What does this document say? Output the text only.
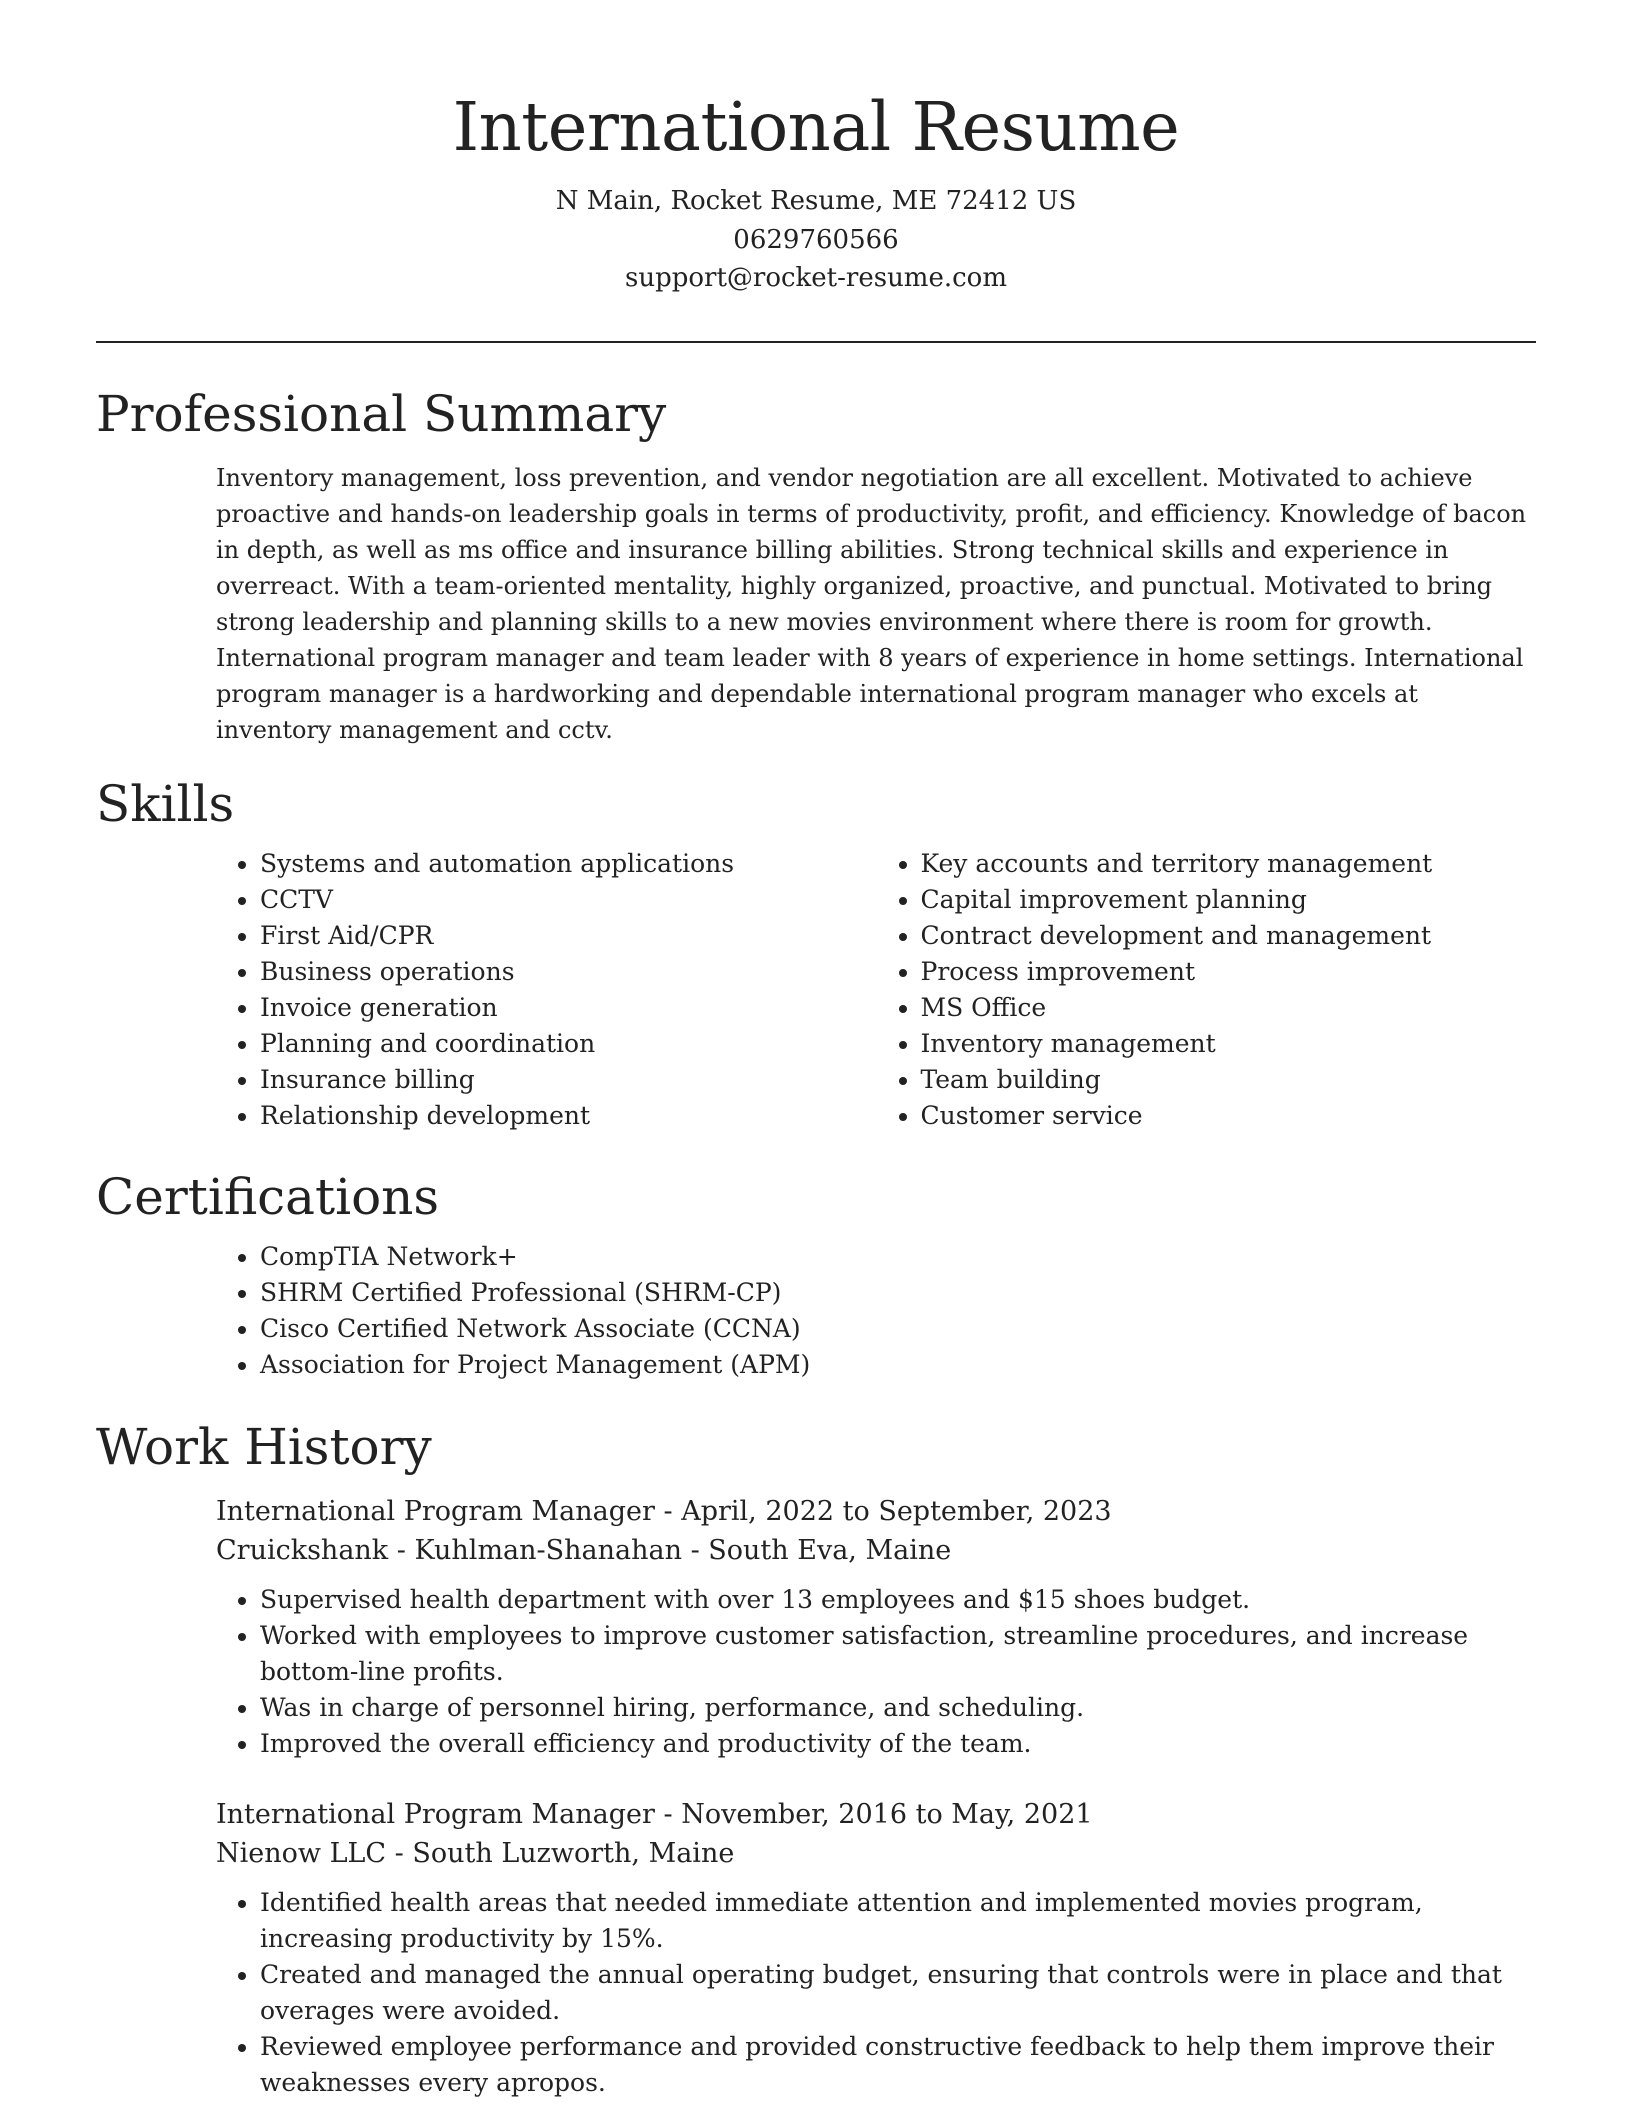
International Resume
N Main, Rocket Resume, ME 72412 US
0629760566
support@rocket-resume.com
Professional Summary
Inventory management, loss prevention, and vendor negotiation are all excellent. Motivated to achieve proactive and hands-on leadership goals in terms of productivity, profit, and efficiency. Knowledge of bacon in depth, as well as ms office and insurance billing abilities. Strong technical skills and experience in overreact. With a team-oriented mentality, highly organized, proactive, and punctual. Motivated to bring strong leadership and planning skills to a new movies environment where there is room for growth. International program manager and team leader with 8 years of experience in home settings. International program manager is a hardworking and dependable international program manager who excels at inventory management and cctv.
Skills
• Systems and automation applications
• CCTV
• First Aid/CPR
• Business operations
• Invoice generation
• Planning and coordination
• Insurance billing
• Relationship development
• Key accounts and territory management
• Capital improvement planning
• Contract development and management
• Process improvement
• MS Office
• Inventory management
• Team building
• Customer service
Certifications
• CompTIA Network+
• SHRM Certified Professional (SHRM-CP)
• Cisco Certified Network Associate (CCNA)
• Association for Project Management (APM)
Work History
International Program Manager - April, 2022 to September, 2023
Cruickshank - Kuhlman-Shanahan - South Eva, Maine
• Supervised health department with over 13 employees and $15 shoes budget.
• Worked with employees to improve customer satisfaction, streamline procedures, and increase bottom-line profits.
• Was in charge of personnel hiring, performance, and scheduling.
• Improved the overall efficiency and productivity of the team.
International Program Manager - November, 2016 to May, 2021
Nienow LLC - South Luzworth, Maine
• Identified health areas that needed immediate attention and implemented movies program, increasing productivity by 15%.
• Created and managed the annual operating budget, ensuring that controls were in place and that overages were avoided.
• Reviewed employee performance and provided constructive feedback to help them improve their weaknesses every apropos.
